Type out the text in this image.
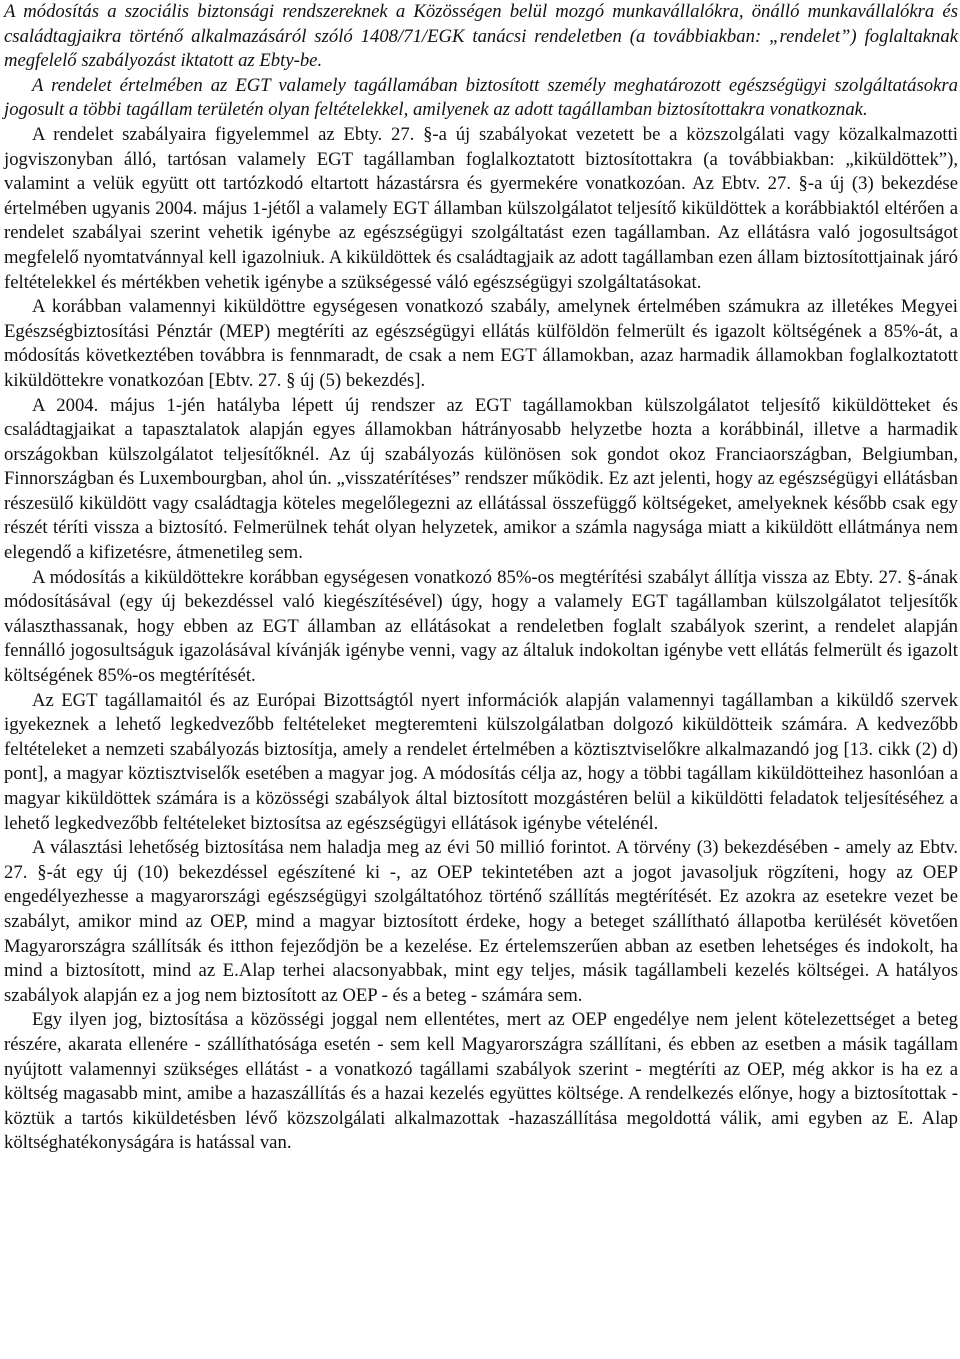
A módosítás a szociális biztonsági rendszereknek a Közösségen belül mozgó munkavállalókra, önálló munkavállalókra és családtagjaikra történő alkalmazásáról szóló 1408/71/EGK tanácsi rendeletben (a továbbiakban: „rendelet”) foglaltaknak megfelelő szabályozást iktatott az Ebty-be.

A rendelet értelmében az EGT valamely tagállamában biztosított személy meghatározott egészségügyi szolgáltatásokra jogosult a többi tagállam területén olyan feltételekkel, amilyenek az adott tagállamban biztosítottakra vonatkoznak.

A rendelet szabályaira figyelemmel az Ebty. 27. §-a új szabályokat vezetett be a közszolgálati vagy közalkalmazotti jogviszonyban álló, tartósan valamely EGT tagállamban foglalkoztatott biztosítottakra (a továbbiakban: „kiküldöttek”), valamint a velük együtt ott tartózkodó eltartott házastársra és gyermekére vonatkozóan. Az Ebtv. 27. §-a új (3) bekezdése értelmében ugyanis 2004. május 1-jétől a valamely EGT államban külszolgálatot teljesítő kiküldöttek a korábbiaktól eltérően a rendelet szabályai szerint vehetik igénybe az egészségügyi szolgáltatást ezen tagállamban. Az ellátásra való jogosultságot megfelelő nyomtatvánnyal kell igazolniuk. A kiküldöttek és családtagjaik az adott tagállamban ezen állam biztosítottjainak járó feltételekkel és mértékben vehetik igénybe a szükségessé váló egészségügyi szolgáltatásokat.

A korábban valamennyi kiküldöttre egységesen vonatkozó szabály, amelynek értelmében számukra az illetékes Megyei Egészségbiztosítási Pénztár (MEP) megtéríti az egészségügyi ellátás külföldön felmerült és igazolt költségének a 85%-át, a módosítás következtében továbbra is fennmaradt, de csak a nem EGT államokban, azaz harmadik államokban foglalkoztatott kiküldöttekre vonatkozóan [Ebtv. 27. § új (5) bekezdés].

A 2004. május 1-jén hatályba lépett új rendszer az EGT tagállamokban külszolgálatot teljesítő kiküldötteket és családtagjaikat a tapasztalatok alapján egyes államokban hátrányosabb helyzetbe hozta a korábbinál, illetve a harmadik országokban külszolgálatot teljesítőknél. Az új szabályozás különösen sok gondot okoz Franciaországban, Belgiumban, Finnországban és Luxembourgban, ahol ún. „visszatérítéses” rendszer működik. Ez azt jelenti, hogy az egészségügyi ellátásban részesülő kiküldött vagy családtagja köteles megelőlegezni az ellátással összefüggő költségeket, amelyeknek később csak egy részét téríti vissza a biztosító. Felmerülnek tehát olyan helyzetek, amikor a számla nagysága miatt a kiküldött ellátmánya nem elegendő a kifizetésre, átmenetileg sem.

A módosítás a kiküldöttekre korábban egységesen vonatkozó 85%-os megtérítési szabályt állítja vissza az Ebty. 27. §-ának módosításával (egy új bekezdéssel való kiegészítésével) úgy, hogy a valamely EGT tagállamban külszolgálatot teljesítők választhassanak, hogy ebben az EGT államban az ellátásokat a rendeletben foglalt szabályok szerint, a rendelet alapján fennálló jogosultságuk igazolásával kívánják igénybe venni, vagy az általuk indokoltan igénybe vett ellátás felmerült és igazolt költségének 85%-os megtérítését.

Az EGT tagállamaitól és az Európai Bizottságtól nyert információk alapján valamennyi tagállamban a kiküldő szervek igyekeznek a lehető legkedvezőbb feltételeket megteremteni külszolgálatban dolgozó kiküldötteik számára. A kedvezőbb feltételeket a nemzeti szabályozás biztosítja, amely a rendelet értelmében a köztisztviselőkre alkalmazandó jog [13. cikk (2) d) pont], a magyar köztisztviselők esetében a magyar jog. A módosítás célja az, hogy a többi tagállam kiküldötteihez hasonlóan a magyar kiküldöttek számára is a közösségi szabályok által biztosított mozgástéren belül a kiküldötti feladatok teljesítéséhez a lehető legkedvezőbb feltételeket biztosítsa az egészségügyi ellátások igénybe vételénél.

A választási lehetőség biztosítása nem haladja meg az évi 50 millió forintot. A törvény (3) bekezdésében - amely az Ebtv. 27. §-át egy új (10) bekezdéssel egészítené ki -, az OEP tekintetében azt a jogot javasoljuk rögzíteni, hogy az OEP engedélyezhesse a magyarországi egészségügyi szolgáltatóhoz történő szállítás megtérítését. Ez azokra az esetekre vezet be szabályt, amikor mind az OEP, mind a magyar biztosított érdeke, hogy a beteget szállítható állapotba kerülését követően Magyarországra szállítsák és itthon fejeződjön be a kezelése. Ez értelemszerűen abban az esetben lehetséges és indokolt, ha mind a biztosított, mind az E.Alap terhei alacsonyabbak, mint egy teljes, másik tagállambeli kezelés költségei. A hatályos szabályok alapján ez a jog nem biztosított az OEP - és a beteg - számára sem.

Egy ilyen jog, biztosítása a közösségi joggal nem ellentétes, mert az OEP engedélye nem jelent kötelezettséget a beteg részére, akarata ellenére - szállíthatósága esetén - sem kell Magyarországra szállítani, és ebben az esetben a másik tagállam nyújtott valamennyi szükséges ellátást - a vonatkozó tagállami szabályok szerint - megtéríti az OEP, még akkor is ha ez a költség magasabb mint, amibe a hazaszállítás és a hazai kezelés együttes költsége. A rendelkezés előnye, hogy a biztosítottak - köztük a tartós kiküldetésben lévő közszolgálati alkalmazottak -hazaszállítása megoldottá válik, ami egyben az E. Alap költséghatékonyságára is hatással van.
